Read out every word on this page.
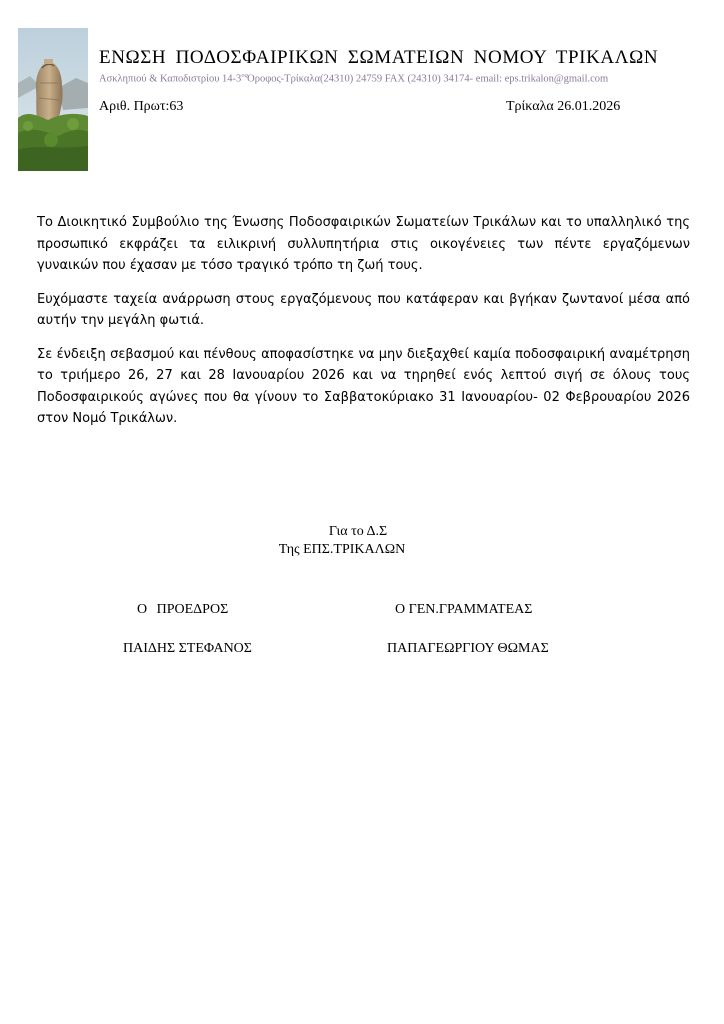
ΕΝΩΣΗ ΠΟΔΟΣΦΑΙΡΙΚΩΝ ΣΩΜΑΤΕΙΩΝ ΝΟΜΟΥ ΤΡΙΚΑΛΩΝ
Ασκληπιού & Καποδιστρίου $14-3^{o\varsigma}Ό\rho o\varphi o\varsigma-T\rho ί\kappa\alpha\lambda\alpha(24310)$ 24759 FAX (24310) 34174- email: eps.trikalon@gmail.com
Αριθ. Πρωτ:63	Τρίκαλα 26.01.2026

Το Διοικητικό Συμβούλιο της Ένωσης Ποδοσφαιρικών Σωματείων Τρικάλων και το υπαλληλικό της προσωπικό εκφράζει τα ειλικρινή συλλυπητήρια στις οικογένειες των πέντε εργαζόμενων γυναικών που έχασαν με τόσο τραγικό τρόπο τη ζωή τους.

Ευχόμαστε ταχεία ανάρρωση στους εργαζόμενους που κατάφεραν και βγήκαν ζωντανοί μέσα από αυτήν την μεγάλη φωτιά.

Σε ένδειξη σεβασμού και πένθους αποφασίστηκε να μην διεξαχθεί καμία ποδοσφαιρική αναμέτρηση το τριήμερο 26, 27 και 28 Ιανουαρίου 2026 και να τηρηθεί ενός λεπτού σιγή σε όλους τους Ποδοσφαιρικούς αγώνες που θα γίνουν το Σαββατοκύριακο 31 Ιανουαρίου- 02 Φεβρουαρίου 2026 στον Νομό Τρικάλων.

Για το Δ.Σ
Της ΕΠΣ.ΤΡΙΚΑΛΩΝ
Ο ΠΡΟΕΔΡΟΣ	Ο ΓΕΝ.ΓΡΑΜΜΑΤΕΑΣ
ΠΑΙΔΗΣ ΣΤΕΦΑΝΟΣ	ΠΑΠΑΓΕΩΡΓΙΟΥ ΘΩΜΑΣ
